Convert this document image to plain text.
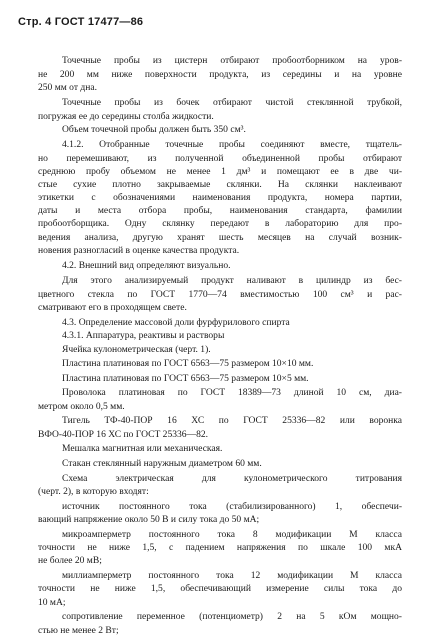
Стр. 4 ГОСТ 17477—86
Точечные пробы из цистерн отбирают пробоотборником на уров-
не 200 мм ниже поверхности продукта, из середины и на уровне
250 мм от дна.
Точечные пробы из бочек отбирают чистой стеклянной трубкой,
погружая ее до середины столба жидкости.
Объем точечной пробы должен быть 350 см³.
4.1.2. Отобранные точечные пробы соединяют вместе, тщатель-
но перемешивают, из полученной объединенной пробы отбирают
среднюю пробу объемом не менее 1 дм³ и помещают ее в две чи-
стые сухие плотно закрываемые склянки. На склянки наклеивают
этикетки с обозначениями наименования продукта, номера партии,
даты и места отбора пробы, наименования стандарта, фамилии
пробоотборщика. Одну склянку передают в лабораторию для про-
ведения анализа, другую хранят шесть месяцев на случай возник-
новения разногласий в оценке качества продукта.
4.2. Внешний вид определяют визуально.
Для этого анализируемый продукт наливают в цилиндр из бес-
цветного стекла по ГОСТ 1770—74 вместимостью 100 см³ и рас-
сматривают его в проходящем свете.
4.3. Определение массовой доли фурфурилового спирта
4.3.1. Аппаратура, реактивы и растворы
Ячейка кулонометрическая (черт. 1).
Пластина платиновая по ГОСТ 6563—75 размером 10×10 мм.
Пластина платиновая по ГОСТ 6563—75 размером 10×5 мм.
Проволока платиновая по ГОСТ 18389—73 длиной 10 см, диа-
метром около 0,5 мм.
Тигель ТФ-40-ПОР 16 ХС по ГОСТ 25336—82 или воронка
ВФО-40-ПОР 16 ХС по ГОСТ 25336—82.
Мешалка магнитная или механическая.
Стакан стеклянный наружным диаметром 60 мм.
Схема электрическая для кулонометрического титрования
(черт. 2), в которую входят:
источник постоянного тока (стабилизированного) 1, обеспечи-
вающий напряжение около 50 В и силу тока до 50 мА;
микроамперметр постоянного тока 8 модификации М класса
точности не ниже 1,5, с падением напряжения по шкале 100 мкА
не более 20 мВ;
миллиамперметр постоянного тока 12 модификации М класса
точности не ниже 1,5, обеспечивающий измерение силы тока до
10 мА;
сопротивление переменное (потенциометр) 2 на 5 кОм мощно-
стью не менее 2 Вт;
